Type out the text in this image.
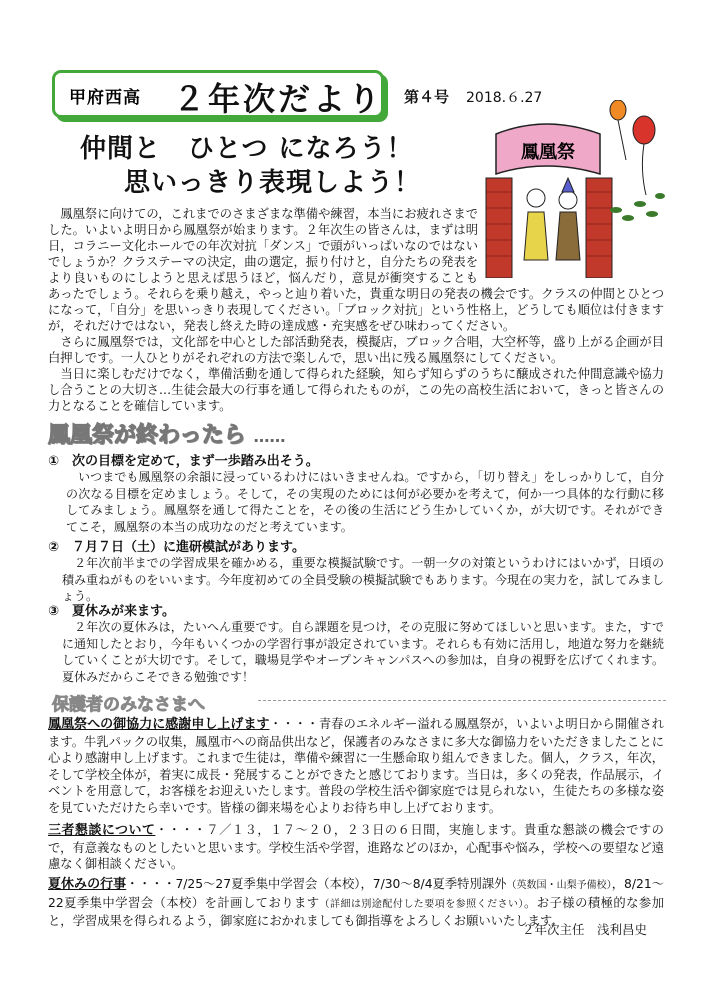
甲府西高 ２年次だより 第４号 2018.６.27
仲間と　ひとつ になろう！
思いっきり表現しよう！
鳳凰祭

　鳳凰祭に向けての，これまでのさまざまな準備や練習，本当にお疲れさまでした。いよいよ明日から鳳凰祭が始まります。２年次生の皆さんは，まずは明日，コラニー文化ホールでの年次対抗「ダンス」で頭がいっぱいなのではないでしょうか？クラステーマの決定，曲の選定，振り付けと，自分たちの発表をより良いものにしようと思えば思うほど，悩んだり，意見が衝突することもあったでしょう。それらを乗り越え，やっと辿り着いた，貴重な明日の発表の機会です。クラスの仲間とひとつになって，「自分」を思いっきり表現してください。「ブロック対抗」という性格上，どうしても順位は付きますが，それだけではない，発表し終えた時の達成感・充実感をぜひ味わってください。
　さらに鳳凰祭では，文化部を中心とした部活動発表，模擬店，ブロック合唱，大空杯等，盛り上がる企画が目白押しです。一人ひとりがそれぞれの方法で楽しんで，思い出に残る鳳凰祭にしてください。
　当日に楽しむだけでなく，準備活動を通して得られた経験，知らず知らずのうちに醸成された仲間意識や協力し合うことの大切さ…生徒会最大の行事を通して得られたものが，この先の高校生活において，きっと皆さんの力となることを確信しています。

鳳凰祭が終わったら ……
①　次の目標を定めて，まず一歩踏み出そう。

　いつまでも鳳凰祭の余韻に浸っているわけにはいきませんね。ですから，「切り替え」をしっかりして，自分の次なる目標を定めましょう。そして，その実現のためには何が必要かを考えて，何か一つ具体的な行動に移してみましょう。鳳凰祭を通して得たことを，その後の生活にどう生かしていくか，が大切です。それができてこそ，鳳凰祭の本当の成功なのだと考えています。

②　７月７日（土）に進研模試があります。

　２年次前半までの学習成果を確かめる，重要な模擬試験です。一朝一夕の対策というわけにはいかず，日頃の積み重ねがものをいいます。今年度初めての全員受験の模擬試験でもあります。今現在の実力を，試してみましょう。

③　夏休みが来ます。

　２年次の夏休みは，たいへん重要です。自ら課題を見つけ，その克服に努めてほしいと思います。また，すでに通知したとおり，今年もいくつかの学習行事が設定されています。それらも有効に活用し，地道な努力を継続していくことが大切です。そして，職場見学やオープンキャンパスへの参加は，自身の視野を広げてくれます。夏休みだからこそできる勉強です！

保護者のみなさまへ

鳳凰祭への御協力に感謝申し上げます・・・・青春のエネルギー溢れる鳳凰祭が，いよいよ明日から開催されます。牛乳パックの収集，鳳凰市への商品供出など，保護者のみなさまに多大な御協力をいただきましたことに心より感謝申し上げます。これまで生徒は，準備や練習に一生懸命取り組んできました。個人，クラス，年次，そして学校全体が，着実に成長・発展することができたと感じております。当日は，多くの発表，作品展示，イベントを用意して，お客様をお迎えいたします。普段の学校生活や御家庭では見られない，生徒たちの多様な姿を見ていただけたら幸いです。皆様の御来場を心よりお待ち申し上げております。

三者懇談について・・・・７／１３，１７～２０，２３日の６日間，実施します。貴重な懇談の機会ですので，有意義なものとしたいと思います。学校生活や学習，進路などのほか，心配事や悩み，学校への要望など遠慮なく御相談ください。

夏休みの行事・・・・7/25～27夏季集中学習会（本校），7/30～8/4夏季特別課外（英数国・山梨予備校），8/21～22夏季集中学習会（本校）を計画しております（詳細は別途配付した要項を参照ください）。お子様の積極的な参加と，学習成果を得られるよう，御家庭におかれましても御指導をよろしくお願いいたします。

２年次主任　浅利昌史
